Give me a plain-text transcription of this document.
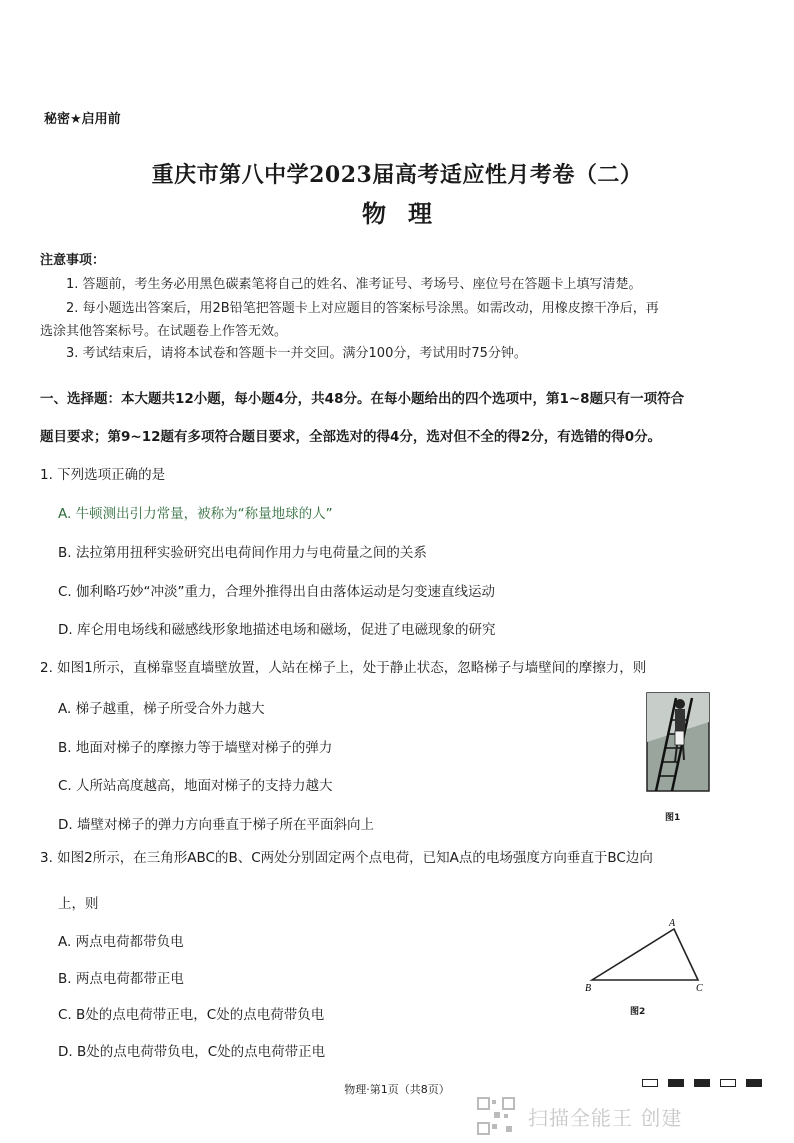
秘密★启用前
重庆市第八中学2023届高考适应性月考卷（二）
物理
注意事项：
1. 答题前，考生务必用黑色碳素笔将自己的姓名、准考证号、考场号、座位号在答题卡上填写清楚。
2. 每小题选出答案后，用2B铅笔把答题卡上对应题目的答案标号涂黑。如需改动，用橡皮擦干净后，再
选涂其他答案标号。在试题卷上作答无效。
3. 考试结束后，请将本试卷和答题卡一并交回。满分100分，考试用时75分钟。
一、选择题：本大题共12小题，每小题4分，共48分。在每小题给出的四个选项中，第1~8题只有一项符合
题目要求；第9~12题有多项符合题目要求，全部选对的得4分，选对但不全的得2分，有选错的得0分。
1. 下列选项正确的是
A. 牛顿测出引力常量，被称为“称量地球的人”
B. 法拉第用扭秤实验研究出电荷间作用力与电荷量之间的关系
C. 伽利略巧妙“冲淡”重力，合理外推得出自由落体运动是匀变速直线运动
D. 库仑用电场线和磁感线形象地描述电场和磁场，促进了电磁现象的研究
2. 如图1所示，直梯靠竖直墙壁放置，人站在梯子上，处于静止状态，忽略梯子与墙壁间的摩擦力，则
A. 梯子越重，梯子所受合外力越大
B. 地面对梯子的摩擦力等于墙壁对梯子的弹力
C. 人所站高度越高，地面对梯子的支持力越大
D. 墙壁对梯子的弹力方向垂直于梯子所在平面斜向上	图1
3. 如图2所示，在三角形ABC的B、C两处分别固定两个点电荷，已知A点的电场强度方向垂直于BC边向
上，则
A. 两点电荷都带负电
B. 两点电荷都带正电
C. B处的点电荷带正电，C处的点电荷带负电
D. B处的点电荷带负电，C处的点电荷带正电
A
B	C
图2
物理·第1页（共8页）
扫描全能王 创建
